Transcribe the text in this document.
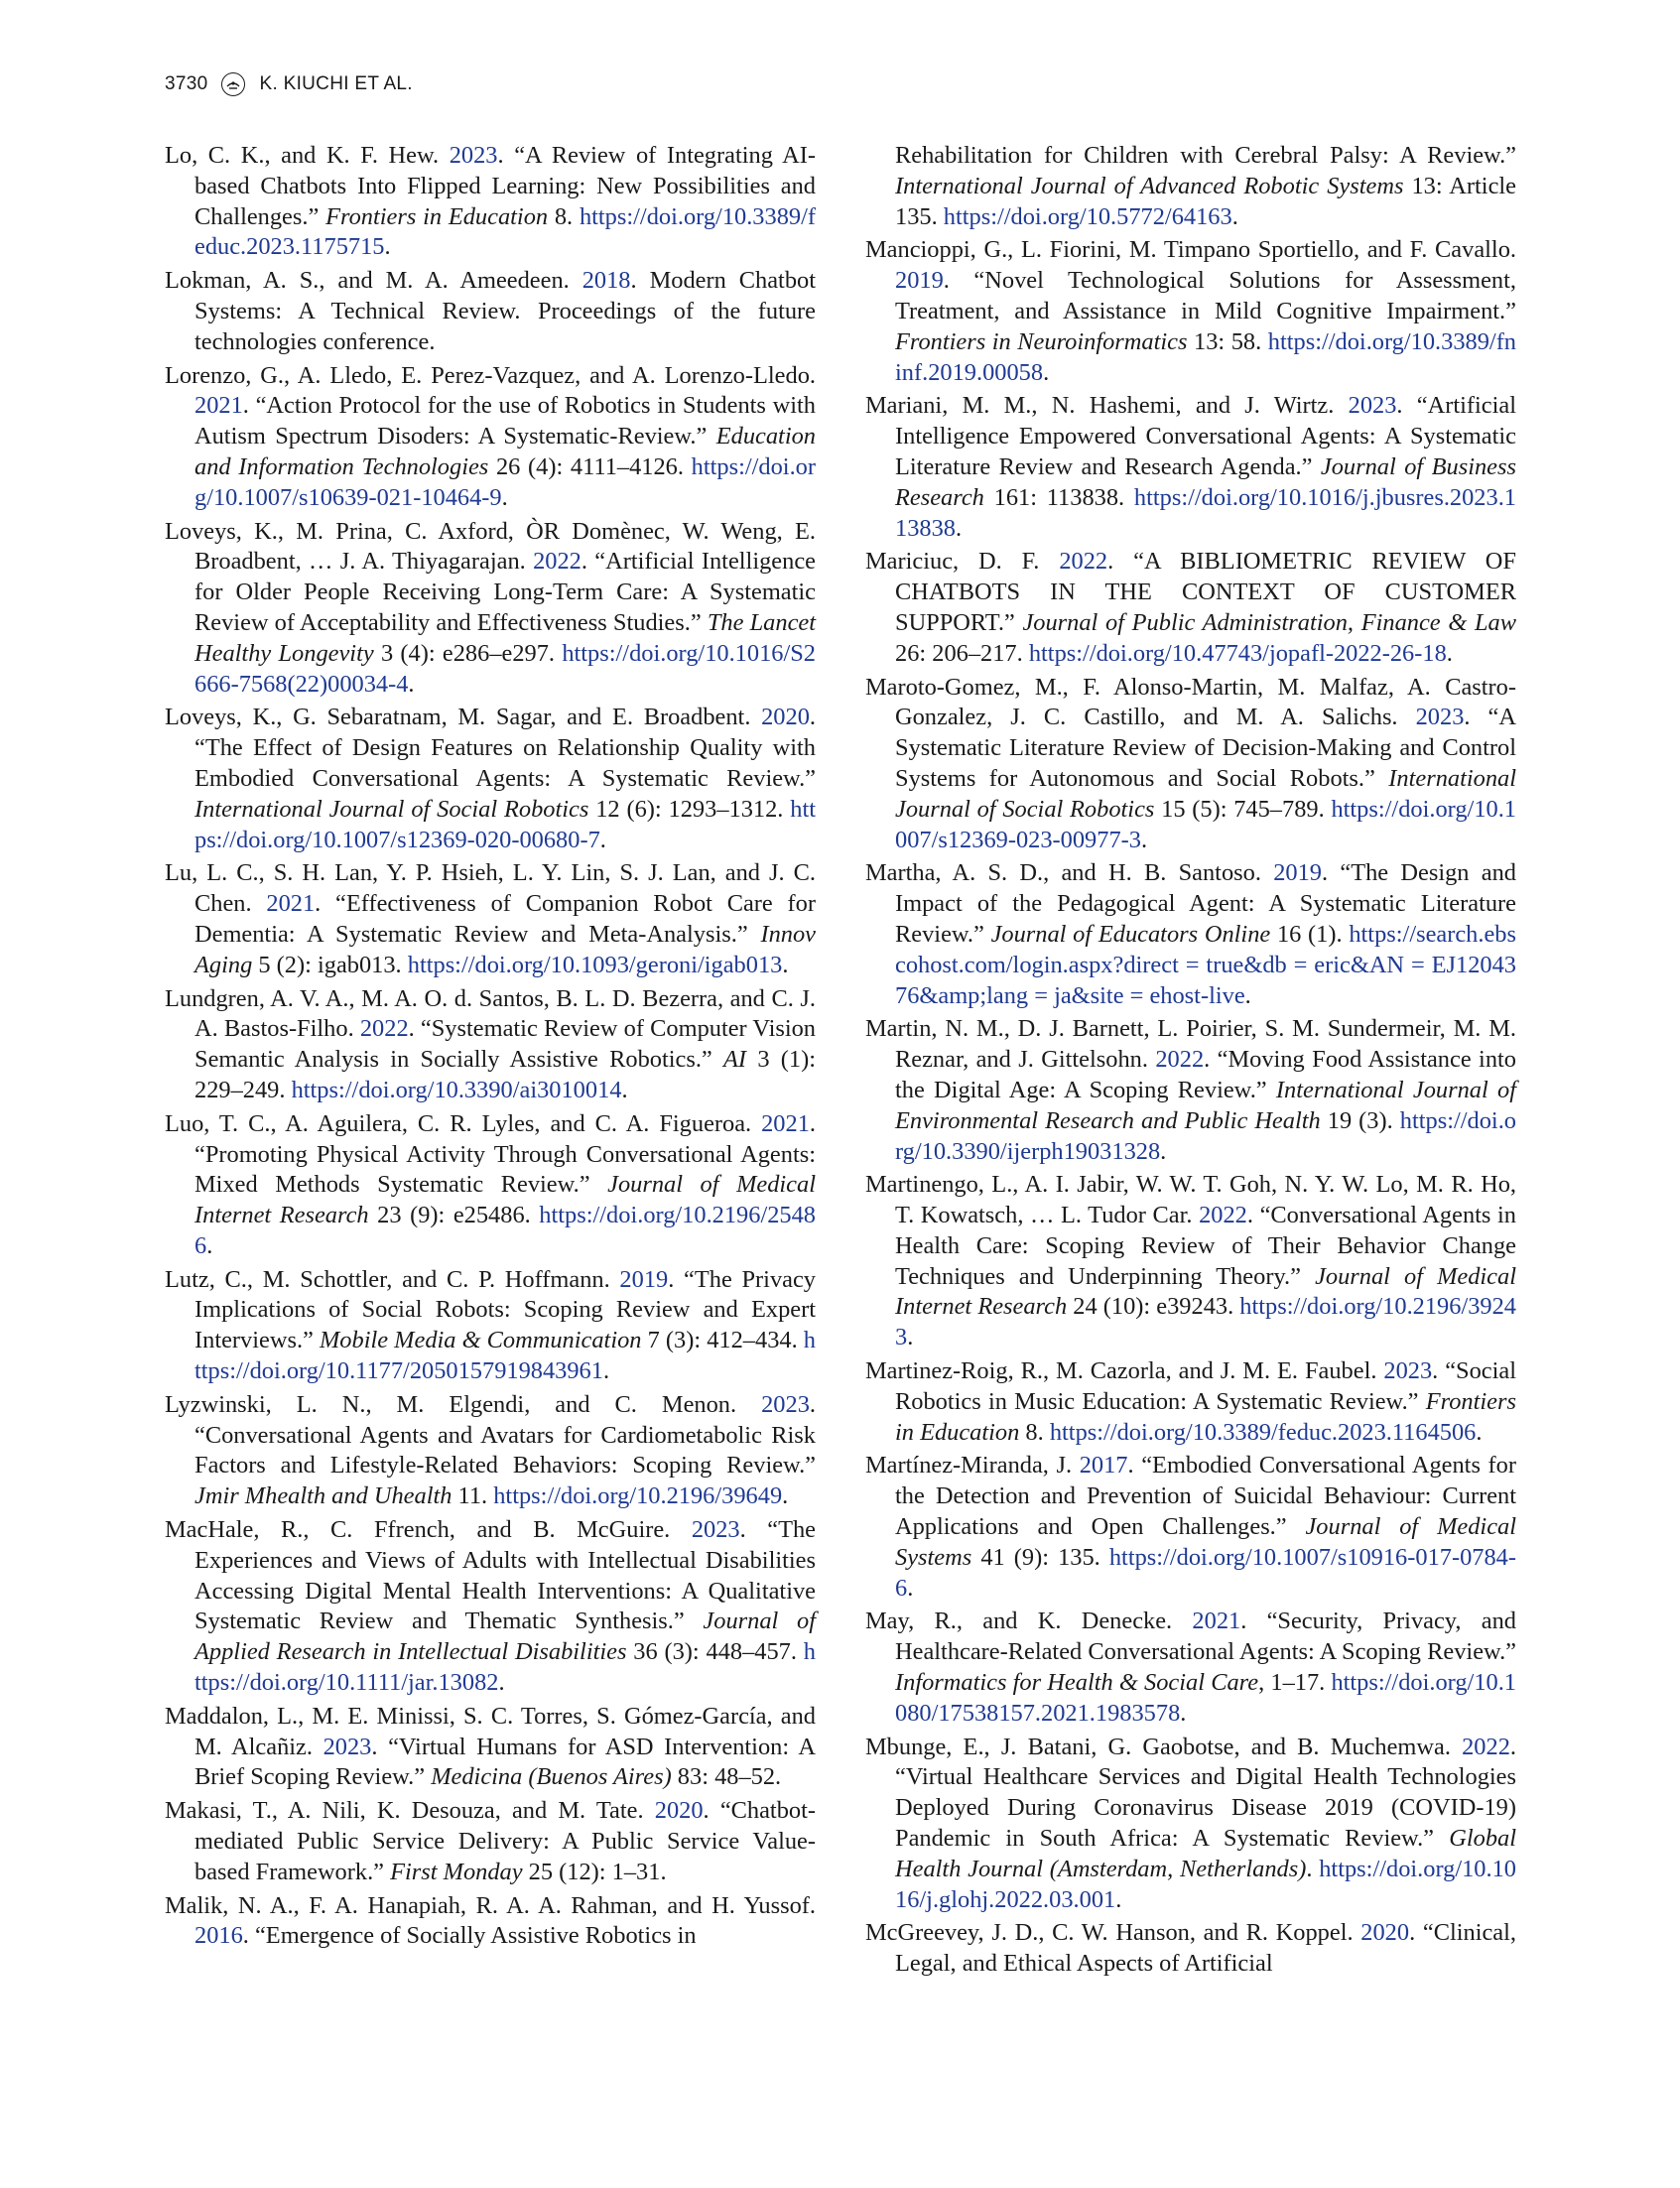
3730	K. KIUCHI ET AL.

Lo, C. K., and K. F. Hew. 2023. “A Review of Integrating AI-based Chatbots Into Flipped Learning: New Possibilities and Challenges.” Frontiers in Education 8. https://doi.org/10.3389/feduc.2023.1175715.

Lokman, A. S., and M. A. Ameedeen. 2018. Modern Chatbot Systems: A Technical Review. Proceedings of the future technologies conference.

Lorenzo, G., A. Lledo, E. Perez-Vazquez, and A. Lorenzo-Lledo. 2021. “Action Protocol for the use of Robotics in Students with Autism Spectrum Disoders: A Systematic-Review.” Education and Information Technologies 26 (4): 4111–4126. https://doi.org/10.1007/s10639-021-10464-9.

Loveys, K., M. Prina, C. Axford, ÒR Domènec, W. Weng, E. Broadbent, … J. A. Thiyagarajan. 2022. “Artificial Intelligence for Older People Receiving Long-Term Care: A Systematic Review of Acceptability and Effectiveness Studies.” The Lancet Healthy Longevity 3 (4): e286–e297. https://doi.org/10.1016/S2666-7568(22)00034-4.

Loveys, K., G. Sebaratnam, M. Sagar, and E. Broadbent. 2020. “The Effect of Design Features on Relationship Quality with Embodied Conversational Agents: A Systematic Review.” International Journal of Social Robotics 12 (6): 1293–1312. https://doi.org/10.1007/s12369-020-00680-7.

Lu, L. C., S. H. Lan, Y. P. Hsieh, L. Y. Lin, S. J. Lan, and J. C. Chen. 2021. “Effectiveness of Companion Robot Care for Dementia: A Systematic Review and Meta-Analysis.” Innov Aging 5 (2): igab013. https://doi.org/10.1093/geroni/igab013.

Lundgren, A. V. A., M. A. O. d. Santos, B. L. D. Bezerra, and C. J. A. Bastos-Filho. 2022. “Systematic Review of Computer Vision Semantic Analysis in Socially Assistive Robotics.” AI 3 (1): 229–249. https://doi.org/10.3390/ai3010014.

Luo, T. C., A. Aguilera, C. R. Lyles, and C. A. Figueroa. 2021. “Promoting Physical Activity Through Conversational Agents: Mixed Methods Systematic Review.” Journal of Medical Internet Research 23 (9): e25486. https://doi.org/10.2196/25486.

Lutz, C., M. Schottler, and C. P. Hoffmann. 2019. “The Privacy Implications of Social Robots: Scoping Review and Expert Interviews.” Mobile Media & Communication 7 (3): 412–434. https://doi.org/10.1177/2050157919843961.

Lyzwinski, L. N., M. Elgendi, and C. Menon. 2023. “Conversational Agents and Avatars for Cardiometabolic Risk Factors and Lifestyle-Related Behaviors: Scoping Review.” Jmir Mhealth and Uhealth 11. https://doi.org/10.2196/39649.

MacHale, R., C. Ffrench, and B. McGuire. 2023. “The Experiences and Views of Adults with Intellectual Disabilities Accessing Digital Mental Health Interventions: A Qualitative Systematic Review and Thematic Synthesis.” Journal of Applied Research in Intellectual Disabilities 36 (3): 448–457. https://doi.org/10.1111/jar.13082.

Maddalon, L., M. E. Minissi, S. C. Torres, S. Gómez-García, and M. Alcañiz. 2023. “Virtual Humans for ASD Intervention: A Brief Scoping Review.” Medicina (Buenos Aires) 83: 48–52.

Makasi, T., A. Nili, K. Desouza, and M. Tate. 2020. “Chatbot-mediated Public Service Delivery: A Public Service Value-based Framework.” First Monday 25 (12): 1–31.

Malik, N. A., F. A. Hanapiah, R. A. A. Rahman, and H. Yussof. 2016. “Emergence of Socially Assistive Robotics in

Rehabilitation for Children with Cerebral Palsy: A Review.” International Journal of Advanced Robotic Systems 13: Article 135. https://doi.org/10.5772/64163.

Mancioppi, G., L. Fiorini, M. Timpano Sportiello, and F. Cavallo. 2019. “Novel Technological Solutions for Assessment, Treatment, and Assistance in Mild Cognitive Impairment.” Frontiers in Neuroinformatics 13: 58. https://doi.org/10.3389/fninf.2019.00058.

Mariani, M. M., N. Hashemi, and J. Wirtz. 2023. “Artificial Intelligence Empowered Conversational Agents: A Systematic Literature Review and Research Agenda.” Journal of Business Research 161: 113838. https://doi.org/10.1016/j.jbusres.2023.113838.

Mariciuc, D. F. 2022. “A BIBLIOMETRIC REVIEW OF CHATBOTS IN THE CONTEXT OF CUSTOMER SUPPORT.” Journal of Public Administration, Finance & Law 26: 206–217. https://doi.org/10.47743/jopafl-2022-26-18.

Maroto-Gomez, M., F. Alonso-Martin, M. Malfaz, A. Castro-Gonzalez, J. C. Castillo, and M. A. Salichs. 2023. “A Systematic Literature Review of Decision-Making and Control Systems for Autonomous and Social Robots.” International Journal of Social Robotics 15 (5): 745–789. https://doi.org/10.1007/s12369-023-00977-3.

Martha, A. S. D., and H. B. Santoso. 2019. “The Design and Impact of the Pedagogical Agent: A Systematic Literature Review.” Journal of Educators Online 16 (1). https://search.ebscohost.com/login.aspx?direct = true&db = eric&AN = EJ1204376&amp;lang = ja&site = ehost-live.

Martin, N. M., D. J. Barnett, L. Poirier, S. M. Sundermeir, M. M. Reznar, and J. Gittelsohn. 2022. “Moving Food Assistance into the Digital Age: A Scoping Review.” International Journal of Environmental Research and Public Health 19 (3). https://doi.org/10.3390/ijerph19031328.

Martinengo, L., A. I. Jabir, W. W. T. Goh, N. Y. W. Lo, M. R. Ho, T. Kowatsch, … L. Tudor Car. 2022. “Conversational Agents in Health Care: Scoping Review of Their Behavior Change Techniques and Underpinning Theory.” Journal of Medical Internet Research 24 (10): e39243. https://doi.org/10.2196/39243.

Martinez-Roig, R., M. Cazorla, and J. M. E. Faubel. 2023. “Social Robotics in Music Education: A Systematic Review.” Frontiers in Education 8. https://doi.org/10.3389/feduc.2023.1164506.

Martínez-Miranda, J. 2017. “Embodied Conversational Agents for the Detection and Prevention of Suicidal Behaviour: Current Applications and Open Challenges.” Journal of Medical Systems 41 (9): 135. https://doi.org/10.1007/s10916-017-0784-6.

May, R., and K. Denecke. 2021. “Security, Privacy, and Healthcare-Related Conversational Agents: A Scoping Review.” Informatics for Health & Social Care, 1–17. https://doi.org/10.1080/17538157.2021.1983578.

Mbunge, E., J. Batani, G. Gaobotse, and B. Muchemwa. 2022. “Virtual Healthcare Services and Digital Health Technologies Deployed During Coronavirus Disease 2019 (COVID-19) Pandemic in South Africa: A Systematic Review.” Global Health Journal (Amsterdam, Netherlands). https://doi.org/10.1016/j.glohj.2022.03.001.

McGreevey, J. D., C. W. Hanson, and R. Koppel. 2020. “Clinical, Legal, and Ethical Aspects of Artificial
